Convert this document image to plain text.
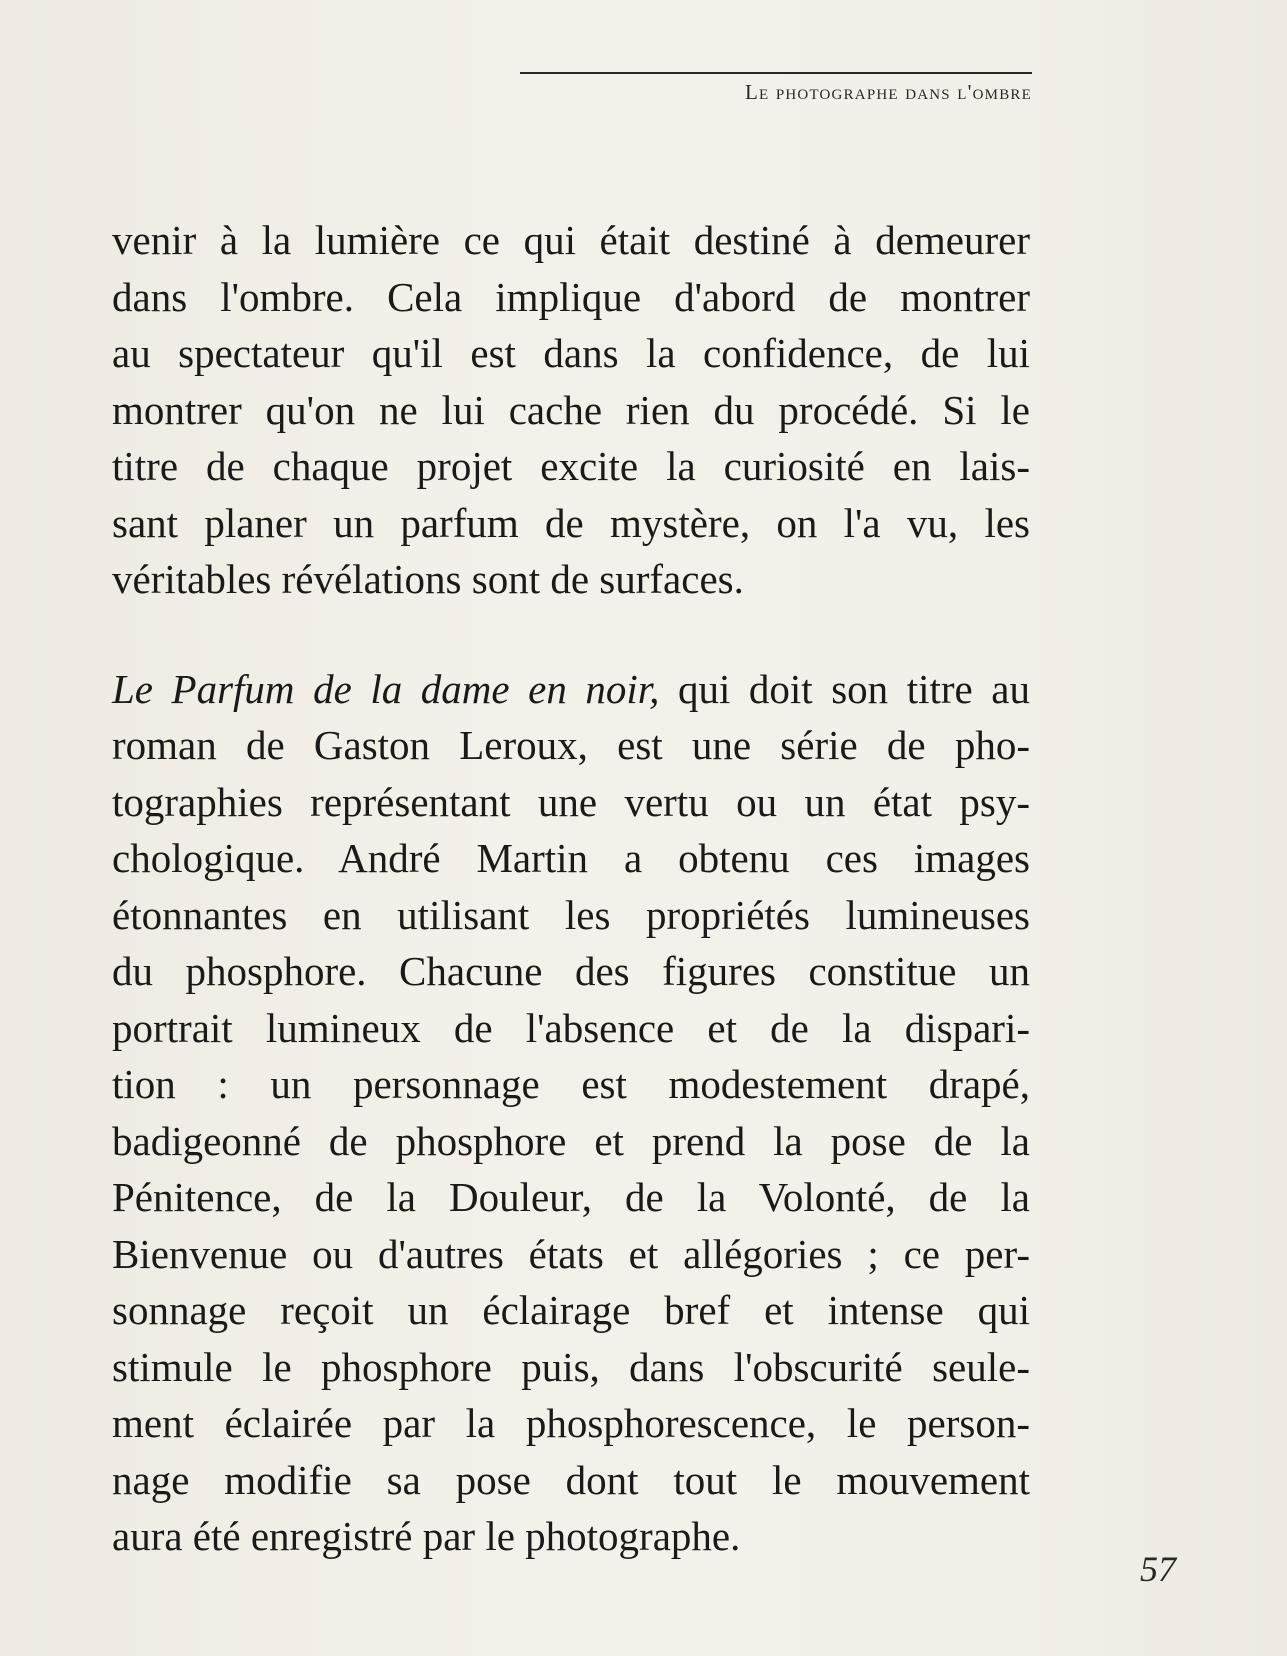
Le photographe dans l'ombre
venir à la lumière ce qui était destiné à demeurer
dans l'ombre. Cela implique d'abord de montrer
au spectateur qu'il est dans la confidence, de lui
montrer qu'on ne lui cache rien du procédé. Si le
titre de chaque projet excite la curiosité en lais-
sant planer un parfum de mystère, on l'a vu, les
véritables révélations sont de surfaces.
Le Parfum de la dame en noir, qui doit son titre au
roman de Gaston Leroux, est une série de pho-
tographies représentant une vertu ou un état psy-
chologique. André Martin a obtenu ces images
étonnantes en utilisant les propriétés lumineuses
du phosphore. Chacune des figures constitue un
portrait lumineux de l'absence et de la dispari-
tion : un personnage est modestement drapé,
badigeonné de phosphore et prend la pose de la
Pénitence, de la Douleur, de la Volonté, de la
Bienvenue ou d'autres états et allégories ; ce per-
sonnage reçoit un éclairage bref et intense qui
stimule le phosphore puis, dans l'obscurité seule-
ment éclairée par la phosphorescence, le person-
nage modifie sa pose dont tout le mouvement
aura été enregistré par le photographe.
57
